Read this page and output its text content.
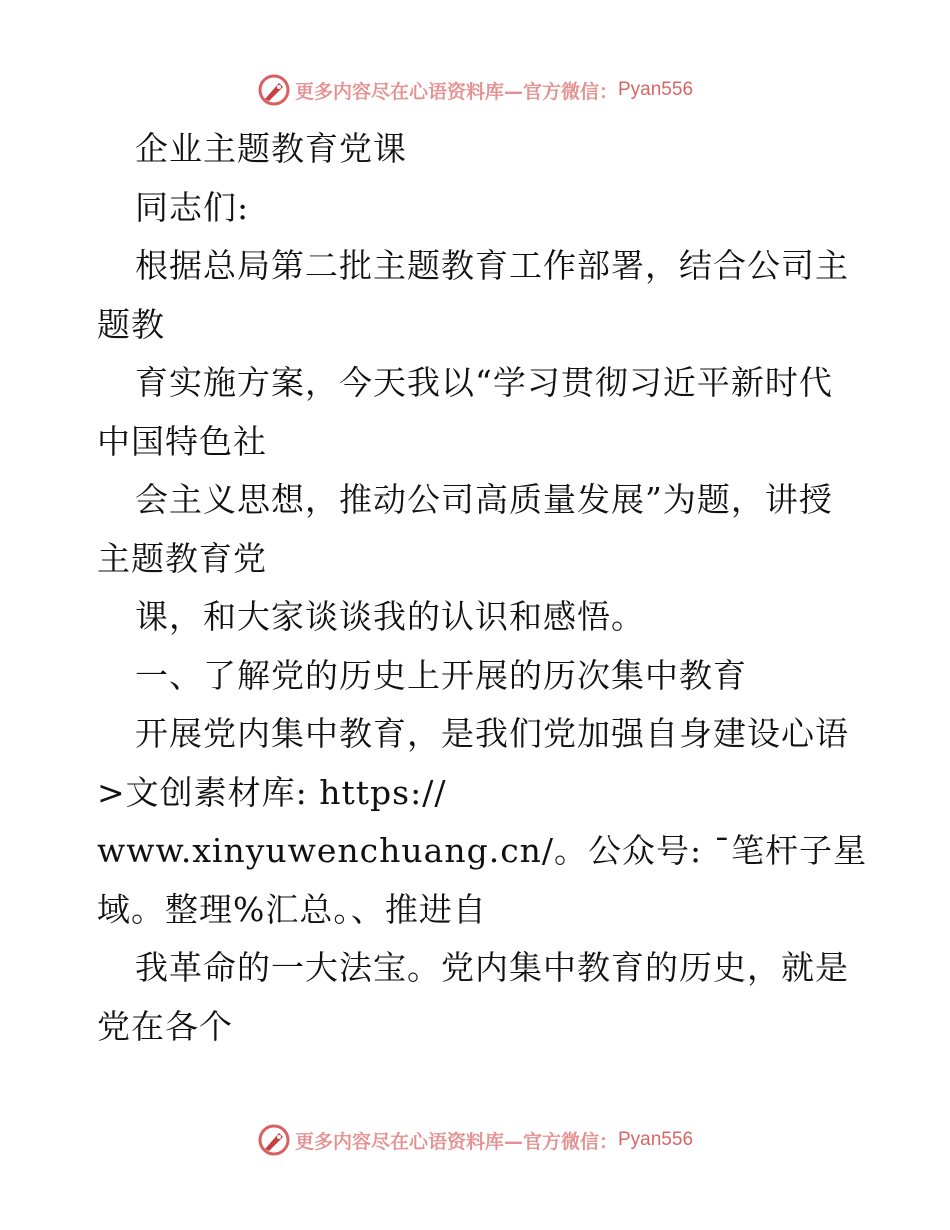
更多内容尽在心语资料库—官方微信： Pyan556
企业主题教育党课
同志们:
根据总局第二批主题教育工作部署，结合公司主
题教
育实施方案，今天我以“学习贯彻习近平新时代
中国特色社
会主义思想，推动公司高质量发展”为题，讲授
主题教育党
课，和大家谈谈我的认识和感悟。
一、了解党的历史上开展的历次集中教育
开展党内集中教育，是我们党加强自身建设心语
>文创素材库: https://
www.xinyuwenchuang.cn/。公众号: ¯笔杆子星
域。整理%汇总。、推进自
我革命的一大法宝。党内集中教育的历史，就是
党在各个
更多内容尽在心语资料库—官方微信： Pyan556
